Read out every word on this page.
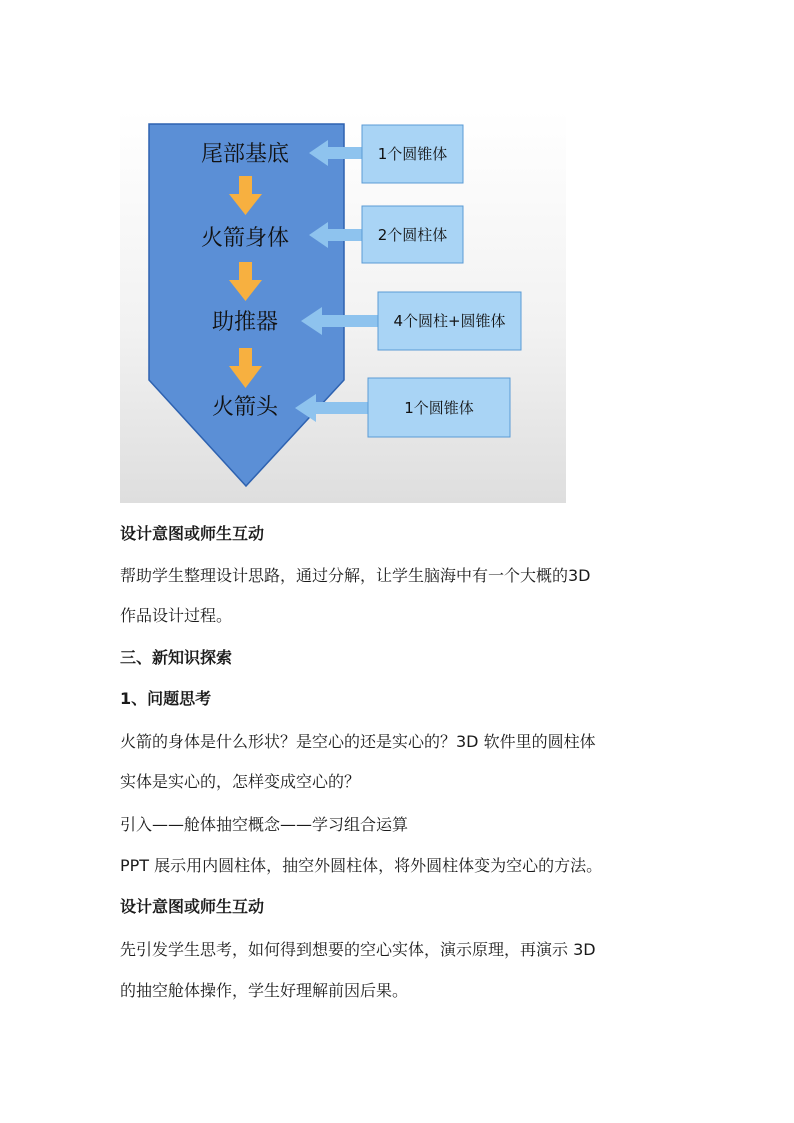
尾部基底
火箭身体
助推器
火箭头
1个圆锥体
2个圆柱体
4个圆柱+圆锥体
1个圆锥体
设计意图或师生互动
帮助学生整理设计思路，通过分解，让学生脑海中有一个大概的3D
作品设计过程。
三、新知识探索
1、问题思考
火箭的身体是什么形状？是空心的还是实心的？3D 软件里的圆柱体
实体是实心的，怎样变成空心的？
引入——舱体抽空概念——学习组合运算
PPT 展示用内圆柱体，抽空外圆柱体，将外圆柱体变为空心的方法。
设计意图或师生互动
先引发学生思考，如何得到想要的空心实体，演示原理，再演示 3D
的抽空舱体操作，学生好理解前因后果。
